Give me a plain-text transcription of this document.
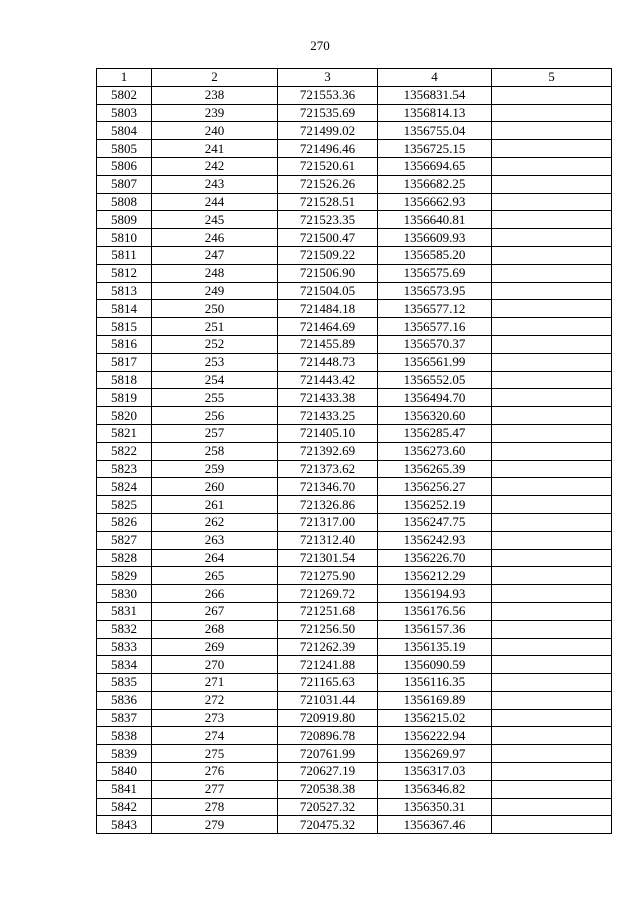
270
1	2	3	4	5
5802	238	721553.36	1356831.54	
5803	239	721535.69	1356814.13	
5804	240	721499.02	1356755.04	
5805	241	721496.46	1356725.15	
5806	242	721520.61	1356694.65	
5807	243	721526.26	1356682.25	
5808	244	721528.51	1356662.93	
5809	245	721523.35	1356640.81	
5810	246	721500.47	1356609.93	
5811	247	721509.22	1356585.20	
5812	248	721506.90	1356575.69	
5813	249	721504.05	1356573.95	
5814	250	721484.18	1356577.12	
5815	251	721464.69	1356577.16	
5816	252	721455.89	1356570.37	
5817	253	721448.73	1356561.99	
5818	254	721443.42	1356552.05	
5819	255	721433.38	1356494.70	
5820	256	721433.25	1356320.60	
5821	257	721405.10	1356285.47	
5822	258	721392.69	1356273.60	
5823	259	721373.62	1356265.39	
5824	260	721346.70	1356256.27	
5825	261	721326.86	1356252.19	
5826	262	721317.00	1356247.75	
5827	263	721312.40	1356242.93	
5828	264	721301.54	1356226.70	
5829	265	721275.90	1356212.29	
5830	266	721269.72	1356194.93	
5831	267	721251.68	1356176.56	
5832	268	721256.50	1356157.36	
5833	269	721262.39	1356135.19	
5834	270	721241.88	1356090.59	
5835	271	721165.63	1356116.35	
5836	272	721031.44	1356169.89	
5837	273	720919.80	1356215.02	
5838	274	720896.78	1356222.94	
5839	275	720761.99	1356269.97	
5840	276	720627.19	1356317.03	
5841	277	720538.38	1356346.82	
5842	278	720527.32	1356350.31	
5843	279	720475.32	1356367.46	
